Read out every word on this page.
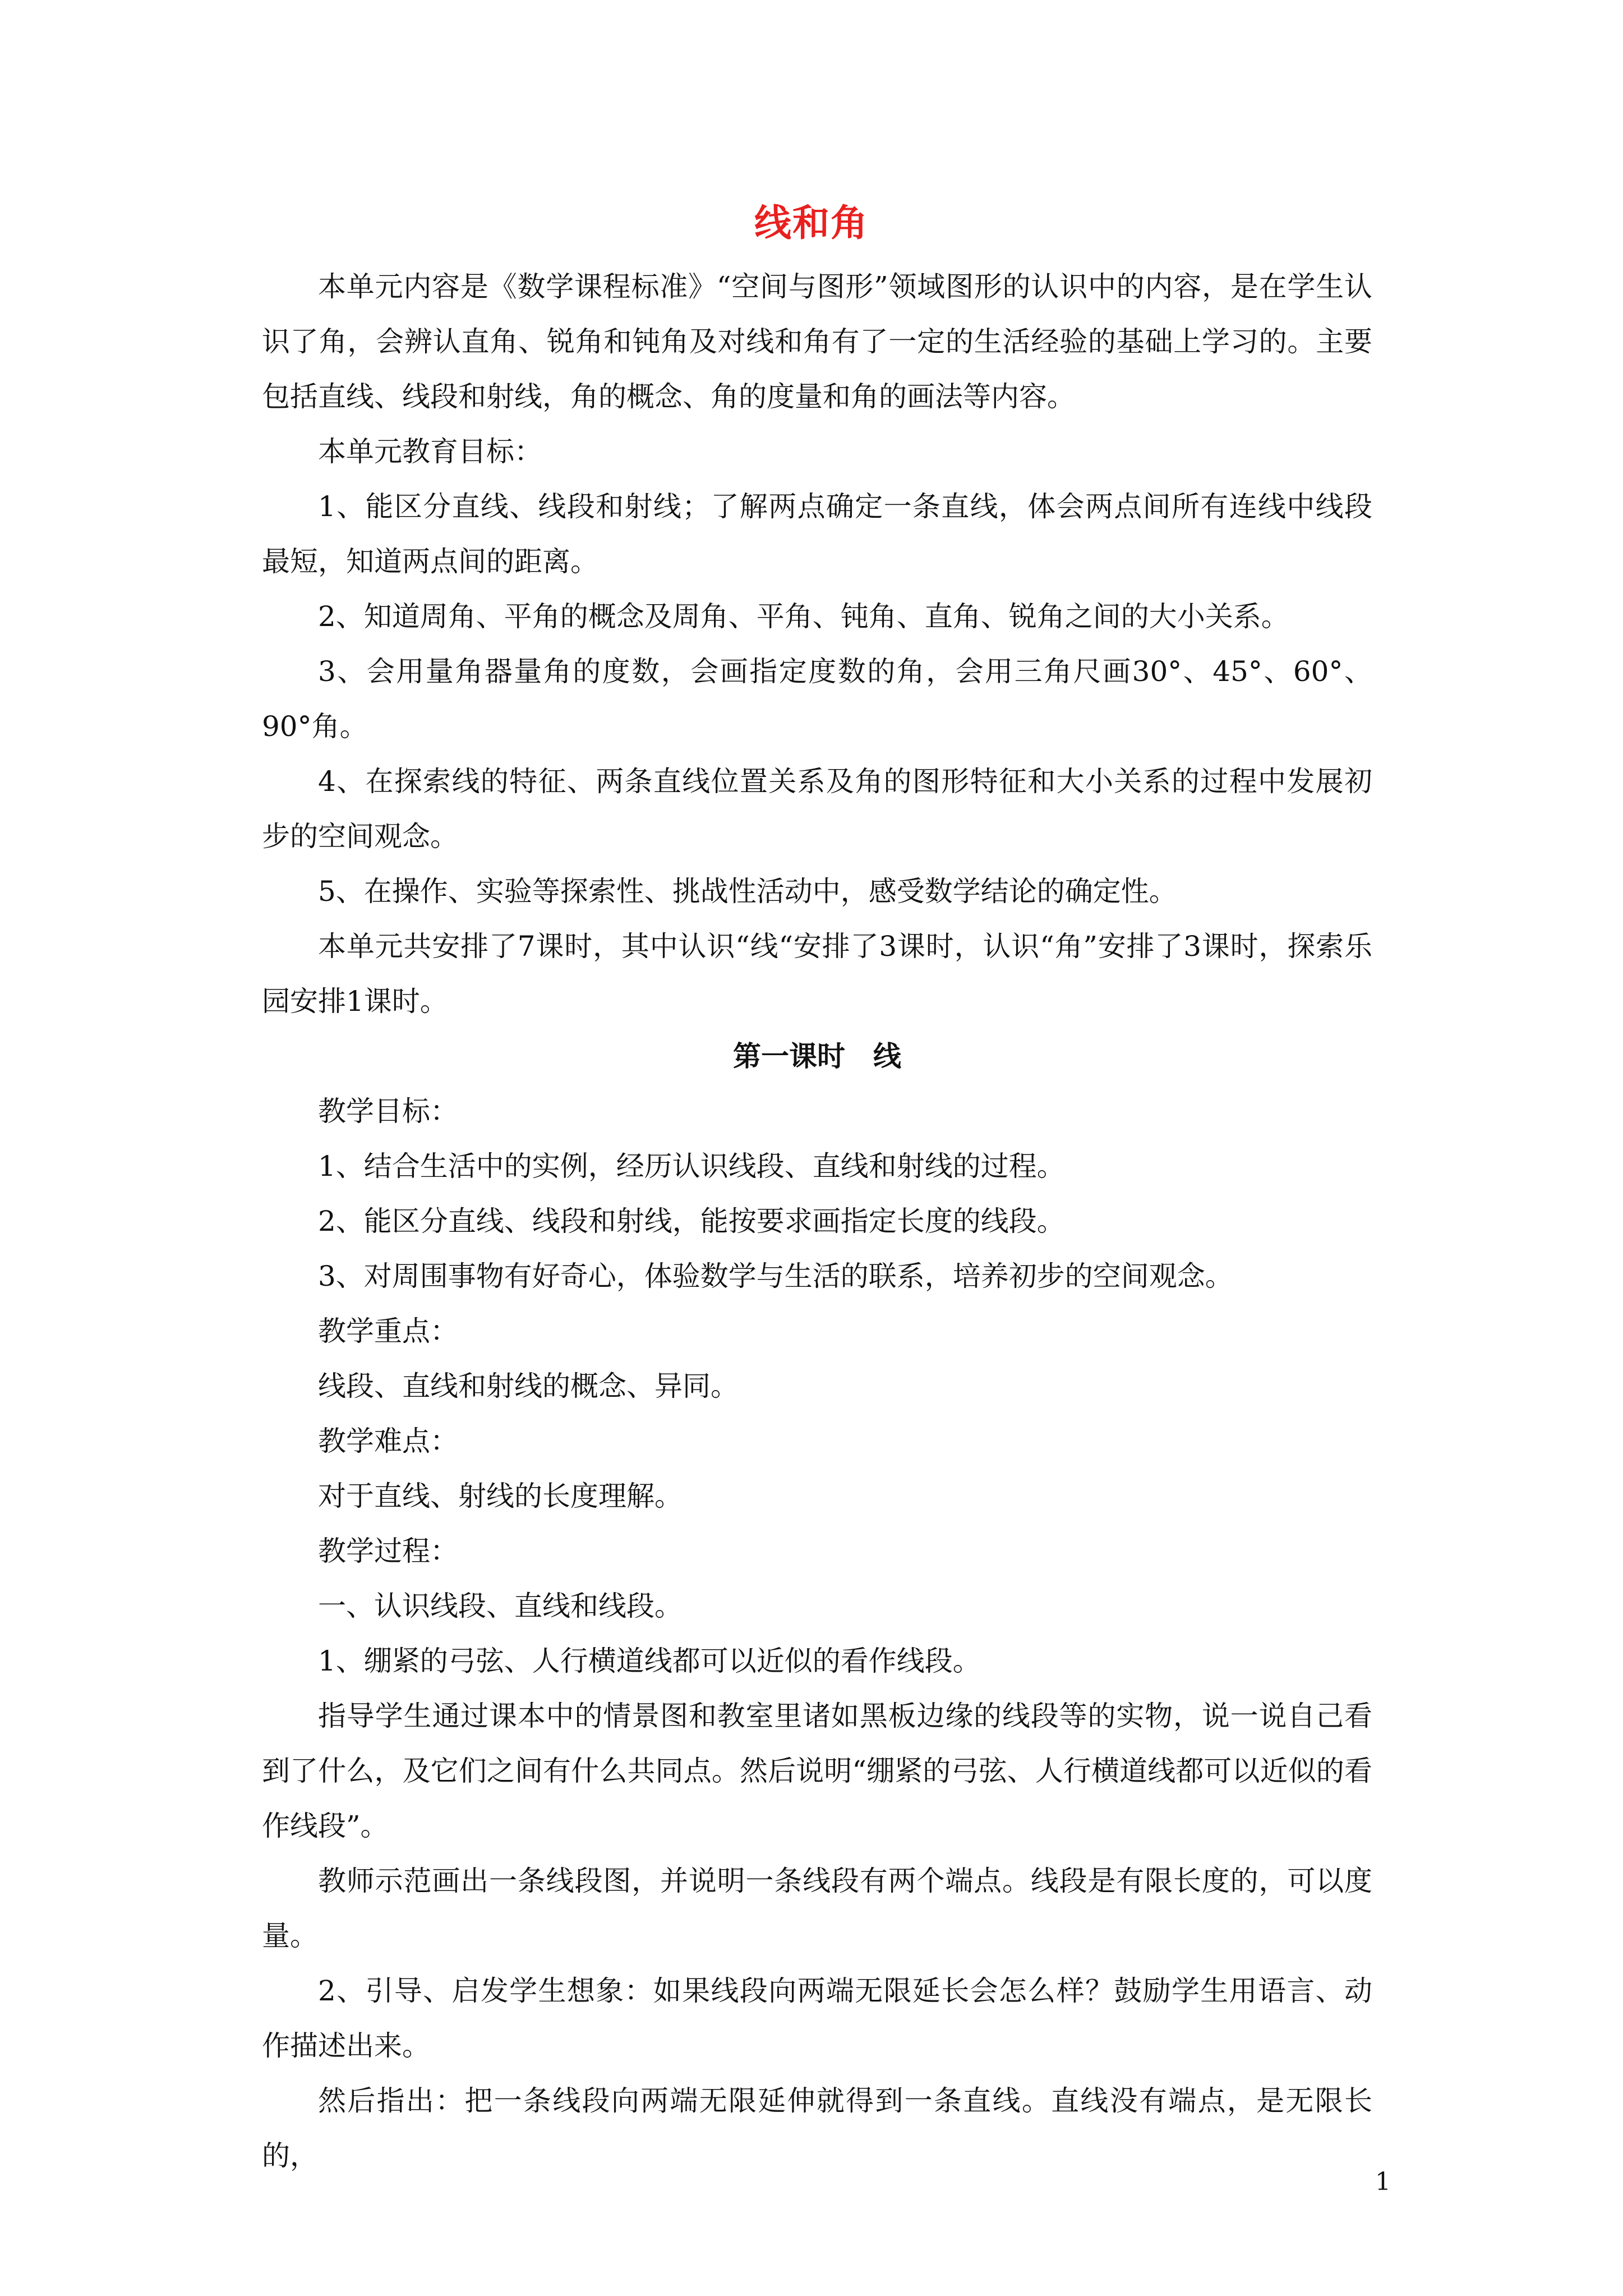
线和角

本单元内容是《数学课程标准》“空间与图形”领域图形的认识中的内容，是在学生认识了角，会辨认直角、锐角和钝角及对线和角有了一定的生活经验的基础上学习的。主要包括直线、线段和射线，角的概念、角的度量和角的画法等内容。

本单元教育目标：

1、能区分直线、线段和射线；了解两点确定一条直线，体会两点间所有连线中线段最短，知道两点间的距离。

2、知道周角、平角的概念及周角、平角、钝角、直角、锐角之间的大小关系。

3、会用量角器量角的度数，会画指定度数的角，会用三角尺画30°、45°、60°、90°角。

4、在探索线的特征、两条直线位置关系及角的图形特征和大小关系的过程中发展初步的空间观念。

5、在操作、实验等探索性、挑战性活动中，感受数学结论的确定性。

本单元共安排了7课时，其中认识“线“安排了3课时，认识“角”安排了3课时，探索乐园安排1课时。

第一课时　线

教学目标：

1、结合生活中的实例，经历认识线段、直线和射线的过程。

2、能区分直线、线段和射线，能按要求画指定长度的线段。

3、对周围事物有好奇心，体验数学与生活的联系，培养初步的空间观念。

教学重点：

线段、直线和射线的概念、异同。

教学难点：

对于直线、射线的长度理解。

教学过程：

一、认识线段、直线和线段。

1、绷紧的弓弦、人行横道线都可以近似的看作线段。

指导学生通过课本中的情景图和教室里诸如黑板边缘的线段等的实物，说一说自己看到了什么，及它们之间有什么共同点。然后说明“绷紧的弓弦、人行横道线都可以近似的看作线段”。

教师示范画出一条线段图，并说明一条线段有两个端点。线段是有限长度的，可以度量。

2、引导、启发学生想象：如果线段向两端无限延长会怎么样？鼓励学生用语言、动作描述出来。

然后指出：把一条线段向两端无限延伸就得到一条直线。直线没有端点，是无限长的，

1
